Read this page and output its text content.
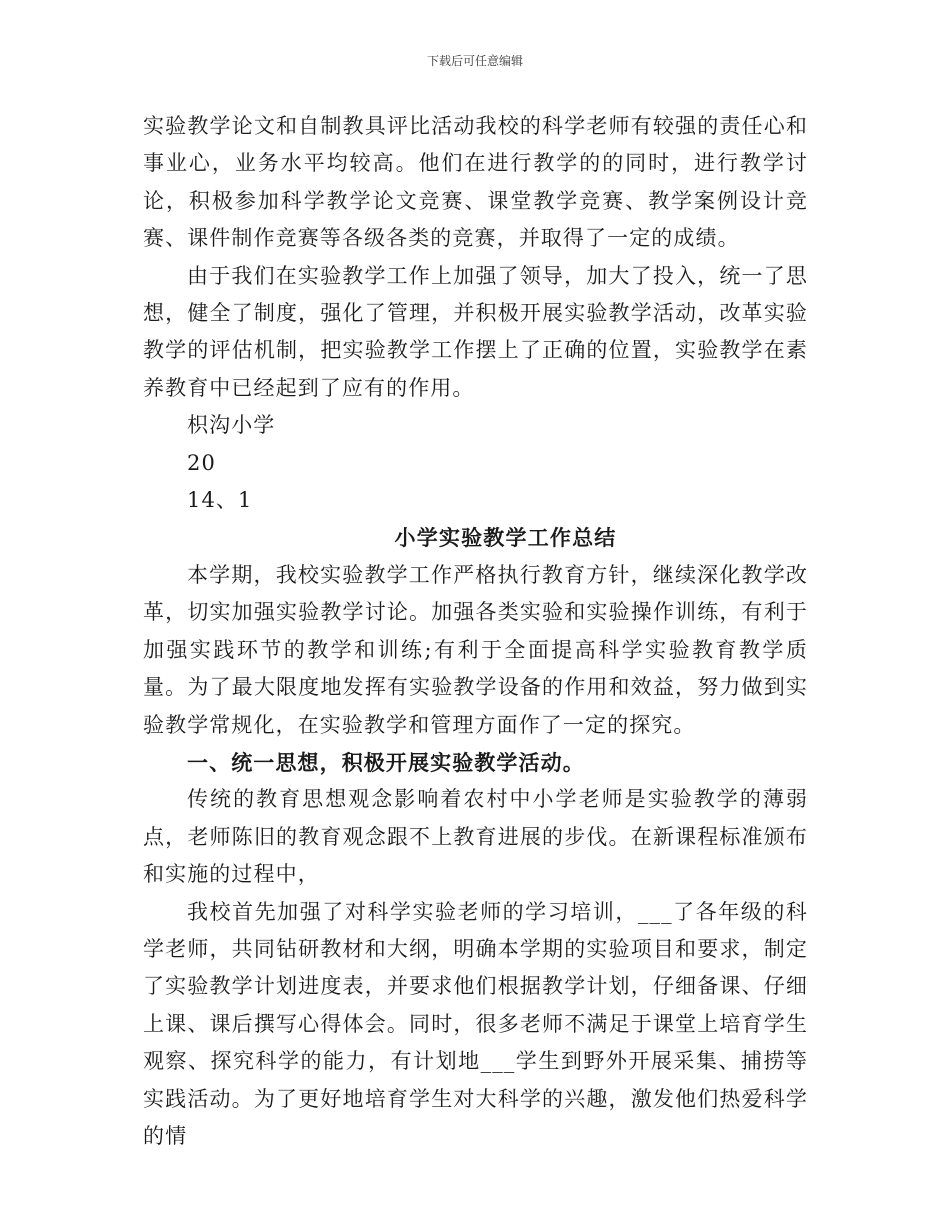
下载后可任意编辑

实验教学论文和自制教具评比活动我校的科学老师有较强的责任心和事业心，业务水平均较高。他们在进行教学的的同时，进行教学讨论，积极参加科学教学论文竞赛、课堂教学竞赛、教学案例设计竞赛、课件制作竞赛等各级各类的竞赛，并取得了一定的成绩。

由于我们在实验教学工作上加强了领导，加大了投入，统一了思想，健全了制度，强化了管理，并积极开展实验教学活动，改革实验教学的评估机制，把实验教学工作摆上了正确的位置，实验教学在素养教育中已经起到了应有的作用。

枳沟小学

20

14、1

小学实验教学工作总结

本学期，我校实验教学工作严格执行教育方针，继续深化教学改革，切实加强实验教学讨论。加强各类实验和实验操作训练，有利于加强实践环节的教学和训练;有利于全面提高科学实验教育教学质量。为了最大限度地发挥有实验教学设备的作用和效益，努力做到实验教学常规化，在实验教学和管理方面作了一定的探究。

一、统一思想，积极开展实验教学活动。

传统的教育思想观念影响着农村中小学老师是实验教学的薄弱点，老师陈旧的教育观念跟不上教育进展的步伐。在新课程标准颁布和实施的过程中，

我校首先加强了对科学实验老师的学习培训，___了各年级的科学老师，共同钻研教材和大纲，明确本学期的实验项目和要求，制定了实验教学计划进度表，并要求他们根据教学计划，仔细备课、仔细上课、课后撰写心得体会。同时，很多老师不满足于课堂上培育学生观察、探究科学的能力，有计划地___学生到野外开展采集、捕捞等实践活动。为了更好地培育学生对大科学的兴趣，激发他们热爱科学的情
